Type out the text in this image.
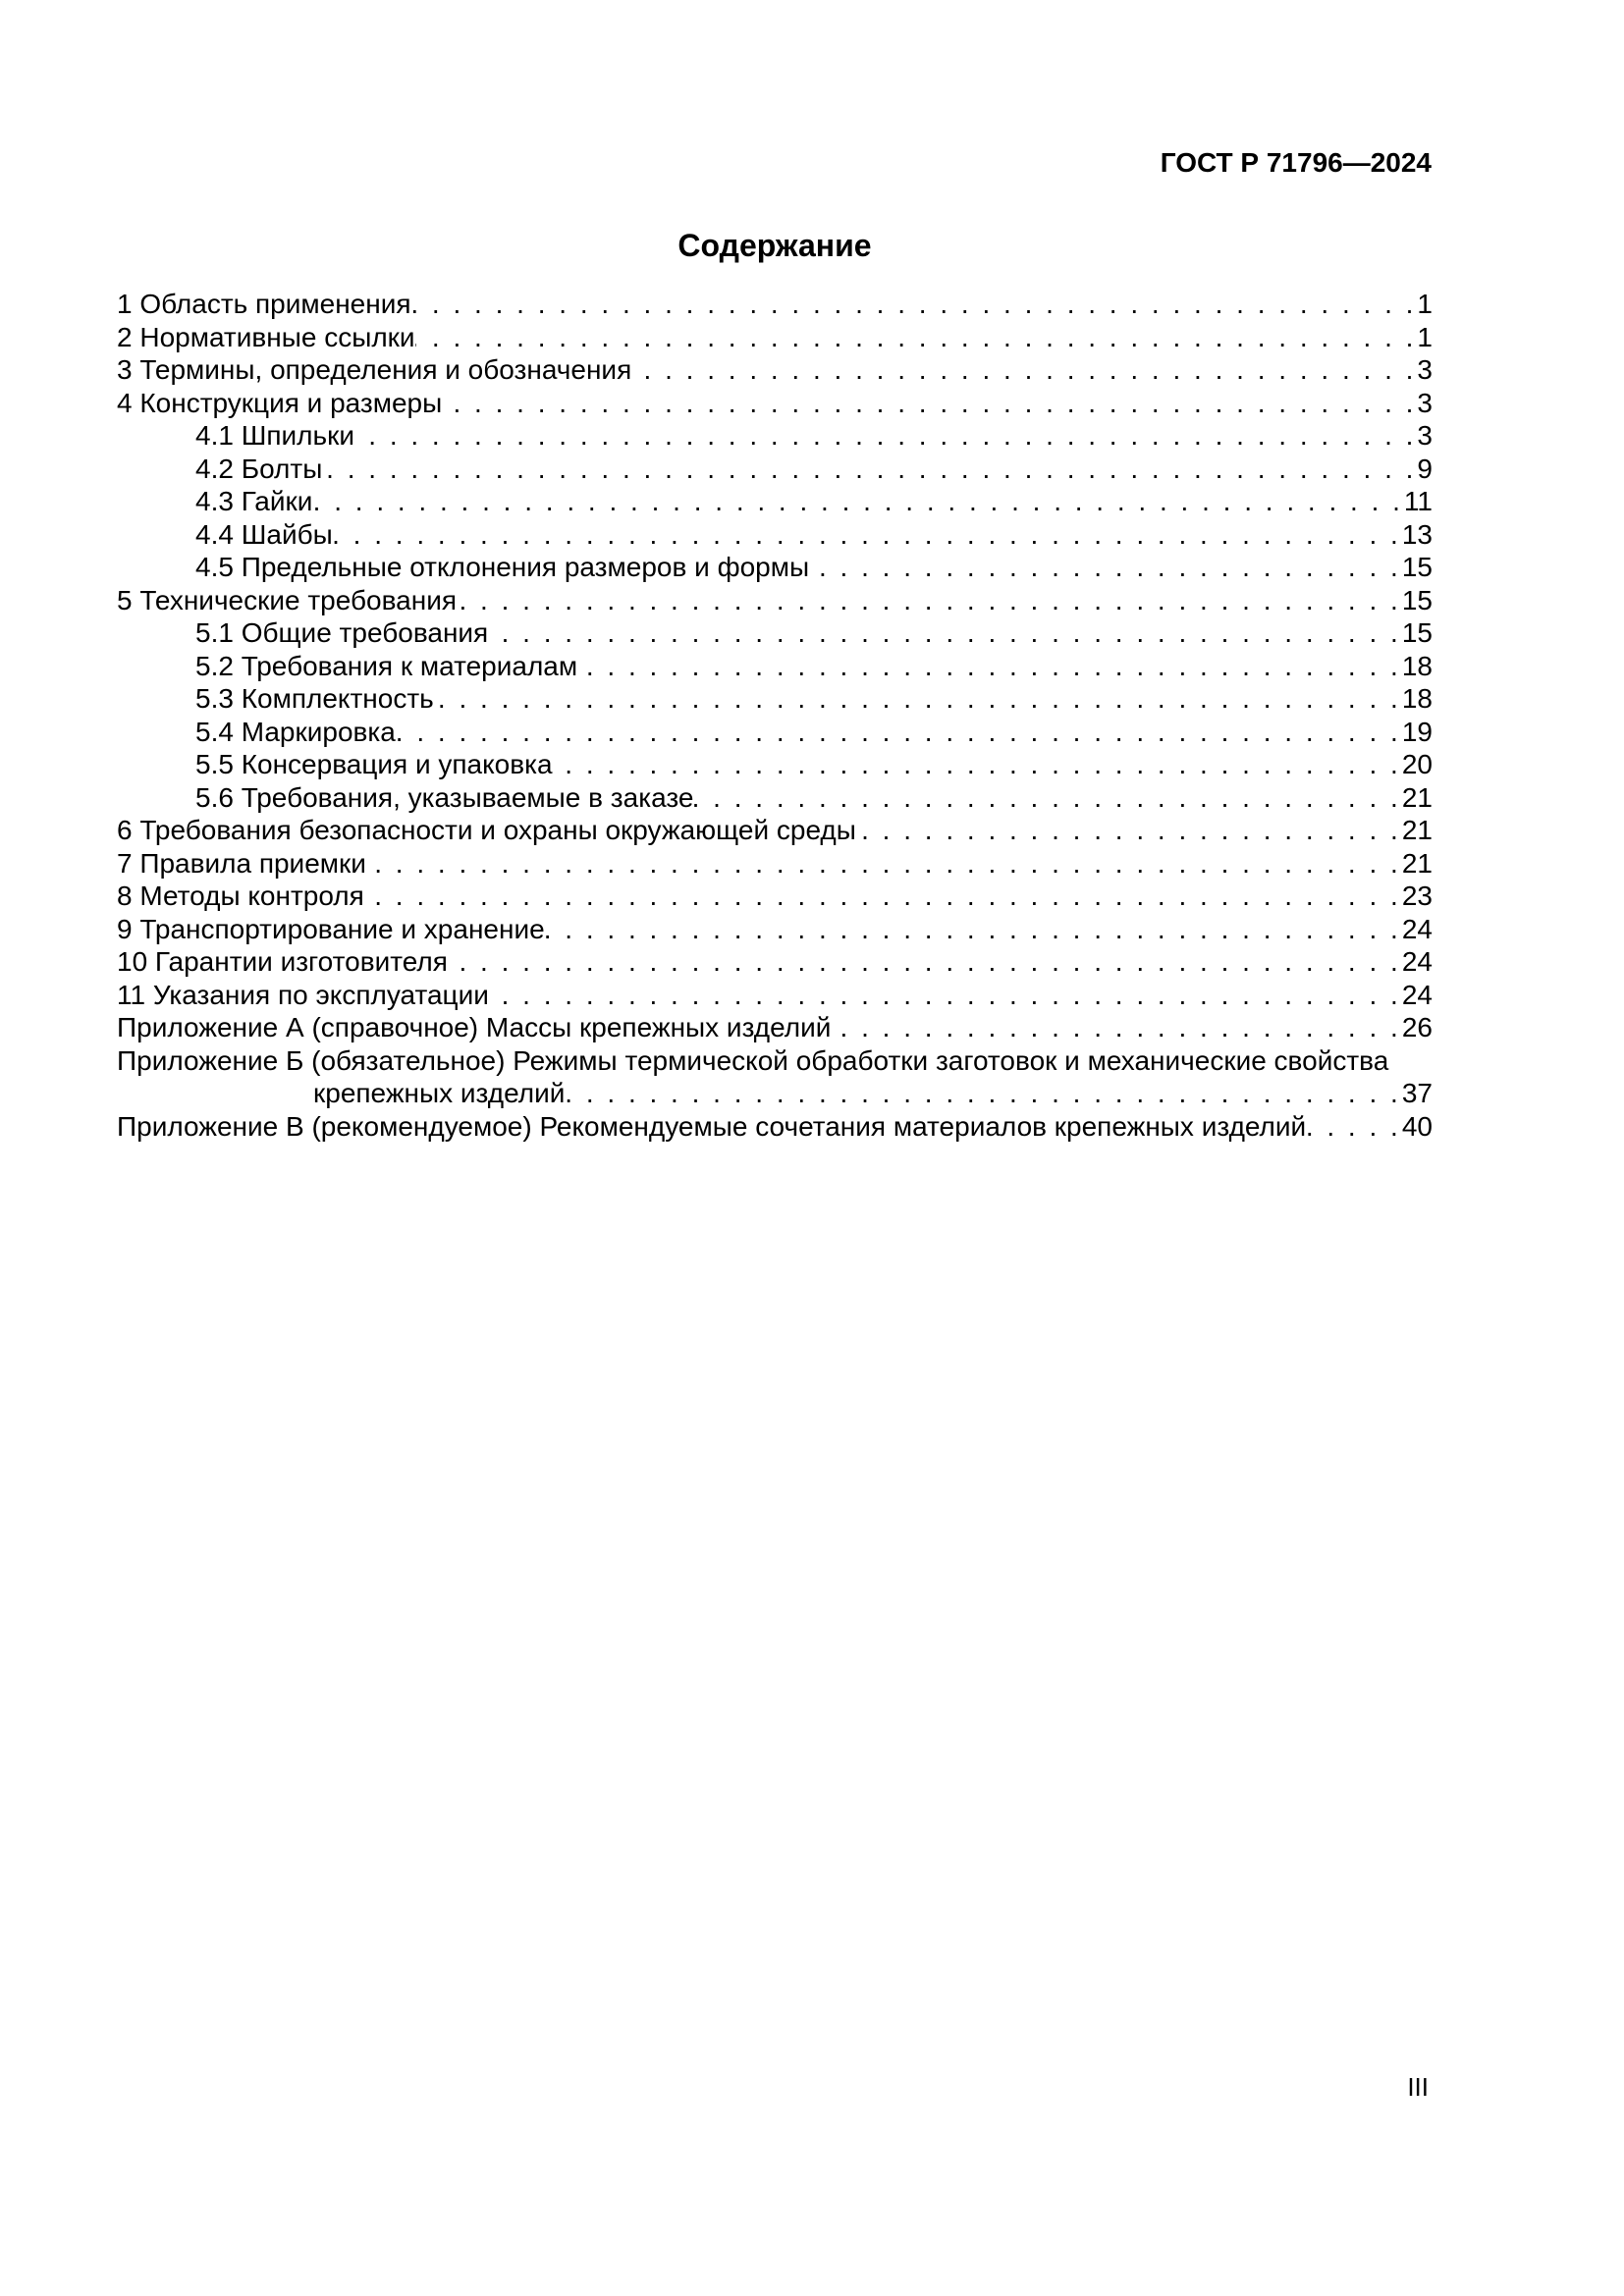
ГОСТ Р 71796—2024
Содержание
1 Область применения . . .	1
2 Нормативные ссылки . . .	1
3 Термины, определения и обозначения . . .	3
4 Конструкция и размеры . . .	3
4.1 Шпильки . . .	3
4.2 Болты . . .	9
4.3 Гайки . . .	11
4.4 Шайбы . . .	13
4.5 Предельные отклонения размеров и формы . . .	15
5 Технические требования . . .	15
5.1 Общие требования . . .	15
5.2 Требования к материалам . . .	18
5.3 Комплектность . . .	18
5.4 Маркировка . . .	19
5.5 Консервация и упаковка . . .	20
5.6 Требования, указываемые в заказе . . .	21
6 Требования безопасности и охраны окружающей среды . . .	21
7 Правила приемки . . .	21
8 Методы контроля . . .	23
9 Транспортирование и хранение . . .	24
10 Гарантии изготовителя . . .	24
11 Указания по эксплуатации . . .	24
Приложение А (справочное) Массы крепежных изделий . . .	26
Приложение Б (обязательное) Режимы термической обработки заготовок и механические свойства
крепежных изделий . . .	37
Приложение В (рекомендуемое) Рекомендуемые сочетания материалов крепежных изделий . . .	40
III
